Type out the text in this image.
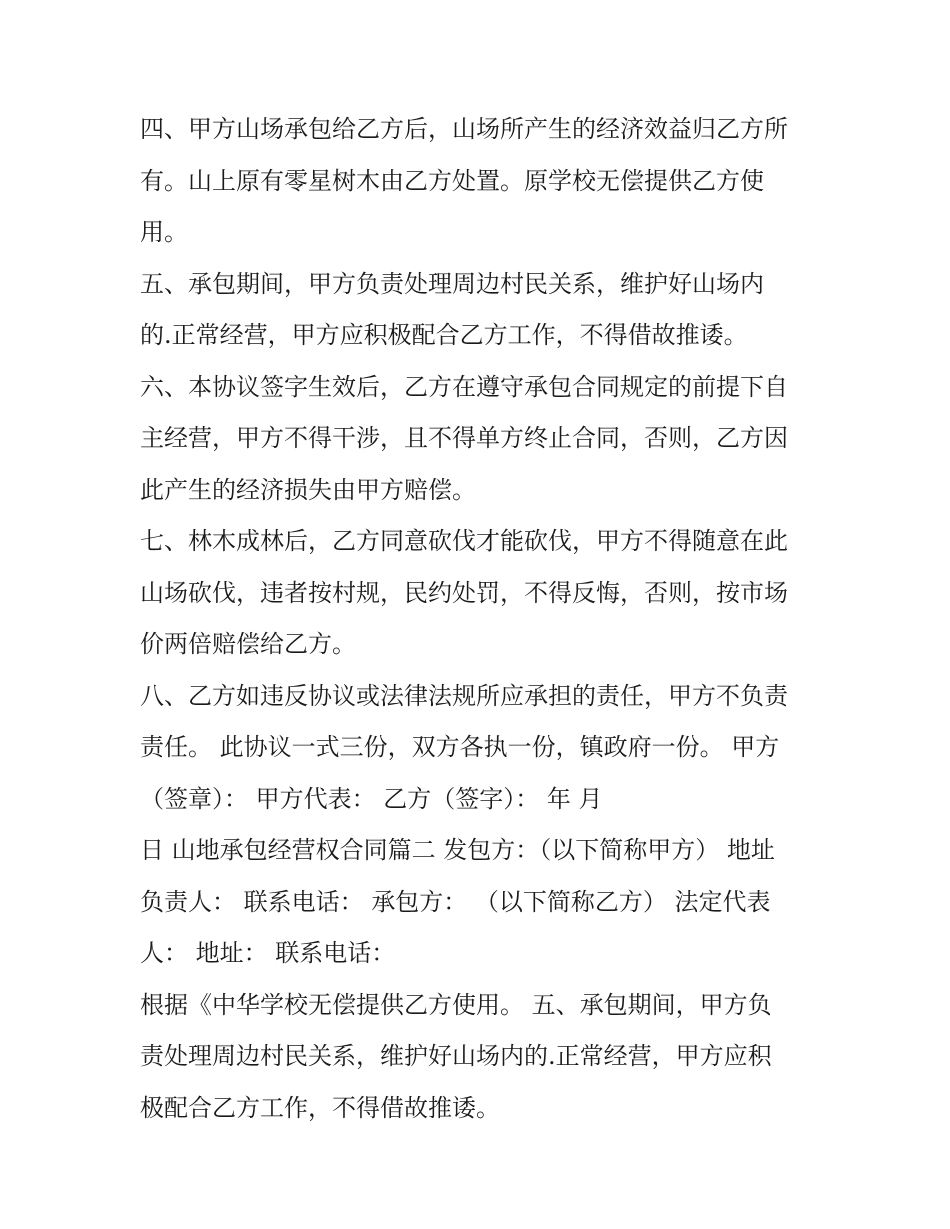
四、甲方山场承包给乙方后，山场所产生的经济效益归乙方所
有。山上原有零星树木由乙方处置。原学校无偿提供乙方使
用。
五、承包期间，甲方负责处理周边村民关系，维护好山场内
的.正常经营，甲方应积极配合乙方工作，不得借故推诿。
六、本协议签字生效后，乙方在遵守承包合同规定的前提下自
主经营，甲方不得干涉，且不得单方终止合同，否则，乙方因
此产生的经济损失由甲方赔偿。
七、林木成林后，乙方同意砍伐才能砍伐，甲方不得随意在此
山场砍伐，违者按村规，民约处罚，不得反悔，否则，按市场
价两倍赔偿给乙方。
八、乙方如违反协议或法律法规所应承担的责任，甲方不负责
责任。 此协议一式三份，双方各执一份，镇政府一份。 甲方
（签章）： 甲方代表： 乙方（签字）： 年 月
日 山地承包经营权合同篇二 发包方：（以下简称甲方） 地址
负责人： 联系电话： 承包方： （以下简称乙方） 法定代表
人： 地址： 联系电话：
根据《中华学校无偿提供乙方使用。 五、承包期间，甲方负
责处理周边村民关系，维护好山场内的.正常经营，甲方应积
极配合乙方工作，不得借故推诿。
